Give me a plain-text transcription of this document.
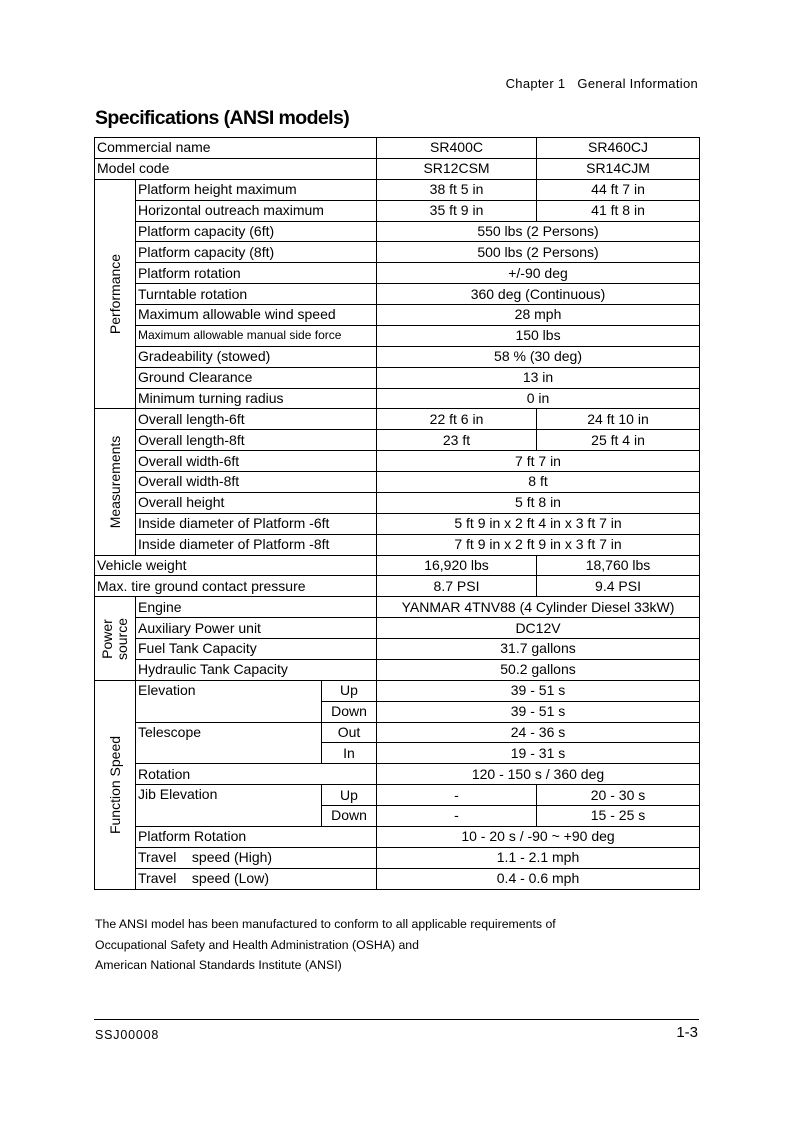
Chapter 1 General Information
Specifications (ANSI models)
Commercial name			SR400C	SR460CJ
Model code			SR12CSM	SR14CJM

Performance	Platform height maximum		38 ft 5 in	44 ft 7 in
	Horizontal outreach maximum		35 ft 9 in	41 ft 8 in
	Platform capacity (6ft)		550 lbs (2 Persons)	
	Platform capacity (8ft)		500 lbs (2 Persons)	
	Platform rotation		+/-90 deg	
	Turntable rotation		360 deg (Continuous)	
	Maximum allowable wind speed		28 mph	
	Maximum allowable manual side force		150 lbs	
	Gradeability (stowed)		58 % (30 deg)	
	Ground Clearance		13 in	
	Minimum turning radius		0 in	

Measurements	Overall length-6ft		22 ft 6 in	24 ft 10 in
	Overall length-8ft		23 ft	25 ft 4 in
	Overall width-6ft		7 ft 7 in	
	Overall width-8ft		8 ft	
	Overall height		5 ft 8 in	
	Inside diameter of Platform -6ft		5 ft 9 in x 2 ft 4 in x 3 ft 7 in	
	Inside diameter of Platform -8ft		7 ft 9 in x 2 ft 9 in x 3 ft 7 in	
Vehicle weight			16,920 lbs	18,760 lbs
Max. tire ground contact pressure			8.7 PSI	9.4 PSI

Power
source	Engine		YANMAR 4TNV88 (4 Cylinder Diesel 33kW)	
	Auxiliary Power unit		DC12V	
	Fuel Tank Capacity		31.7 gallons	
	Hydraulic Tank Capacity		50.2 gallons	

Function Speed	Elevation	Up	39 - 51 s	
		Down	39 - 51 s	
	Telescope	Out	24 - 36 s	
		In	19 - 31 s	
	Rotation		120 - 150 s / 360 deg	
	Jib Elevation	Up	-	20 - 30 s
		Down	-	15 - 25 s
	Platform Rotation		10 - 20 s / -90 ~ +90 deg	
	Travel    speed (High)		1.1 - 2.1 mph	
	Travel    speed (Low)		0.4 - 0.6 mph	
The ANSI model has been manufactured to conform to all applicable requirements of
Occupational Safety and Health Administration (OSHA) and
American National Standards Institute (ANSI)
SSJ00008	1-3
